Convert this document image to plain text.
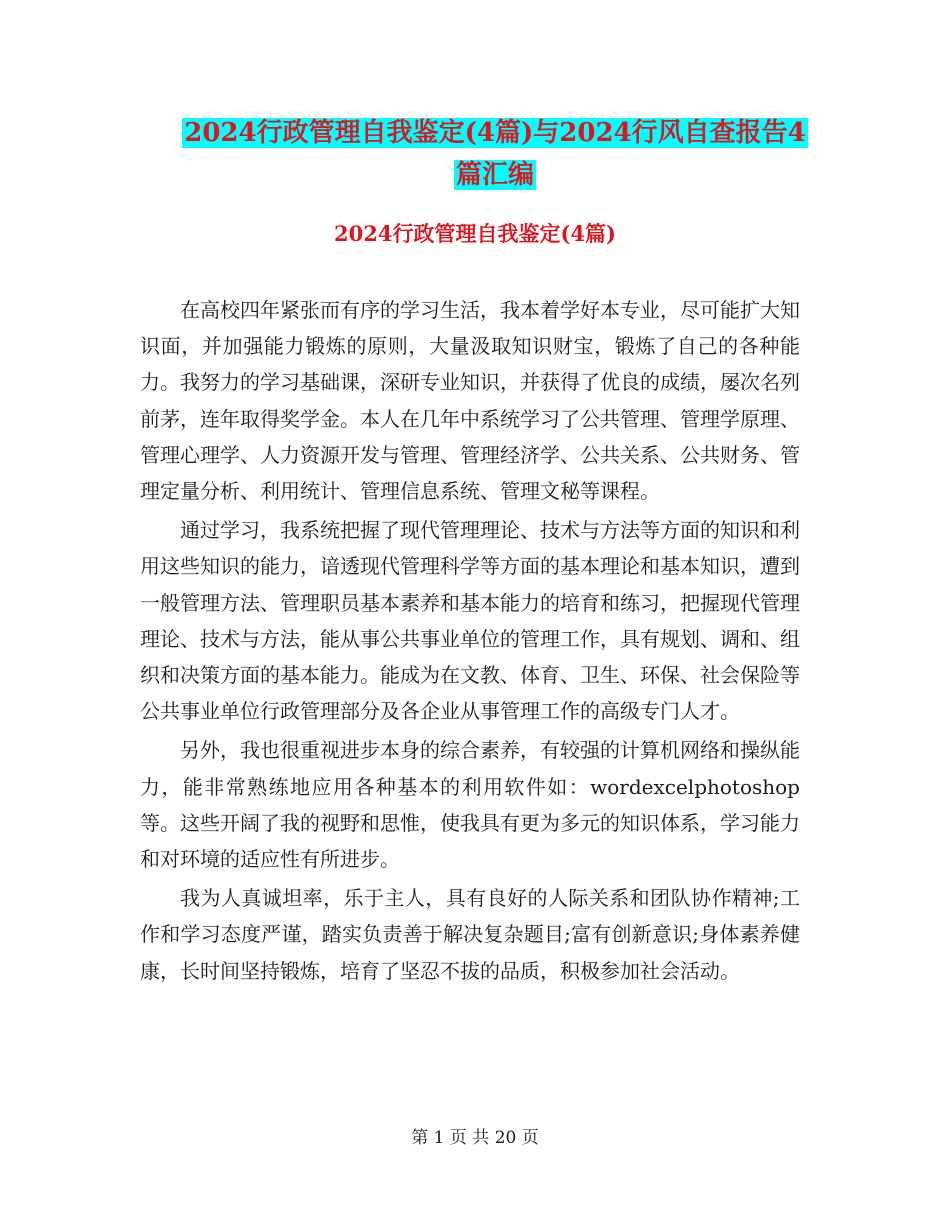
2024行政管理自我鉴定(4篇)与2024行风自查报告4
篇汇编
2024行政管理自我鉴定(4篇)

在高校四年紧张而有序的学习生活，我本着学好本专业，尽可能扩大知识面，并加强能力锻炼的原则，大量汲取知识财宝，锻炼了自己的各种能力。我努力的学习基础课，深研专业知识，并获得了优良的成绩，屡次名列前茅，连年取得奖学金。本人在几年中系统学习了公共管理、管理学原理、管理心理学、人力资源开发与管理、管理经济学、公共关系、公共财务、管理定量分析、利用统计、管理信息系统、管理文秘等课程。

通过学习，我系统把握了现代管理理论、技术与方法等方面的知识和利用这些知识的能力，谙透现代管理科学等方面的基本理论和基本知识，遭到一般管理方法、管理职员基本素养和基本能力的培育和练习，把握现代管理理论、技术与方法，能从事公共事业单位的管理工作，具有规划、调和、组织和决策方面的基本能力。能成为在文教、体育、卫生、环保、社会保险等公共事业单位行政管理部分及各企业从事管理工作的高级专门人才。

另外，我也很重视进步本身的综合素养，有较强的计算机网络和操纵能力，能非常熟练地应用各种基本的利用软件如：wordexcelphotoshop等。这些开阔了我的视野和思惟，使我具有更为多元的知识体系，学习能力和对环境的适应性有所进步。

我为人真诚坦率，乐于主人，具有良好的人际关系和团队协作精神;工作和学习态度严谨，踏实负责善于解决复杂题目;富有创新意识;身体素养健康，长时间坚持锻炼，培育了坚忍不拔的品质，积极参加社会活动。

第 1 页 共 20 页
